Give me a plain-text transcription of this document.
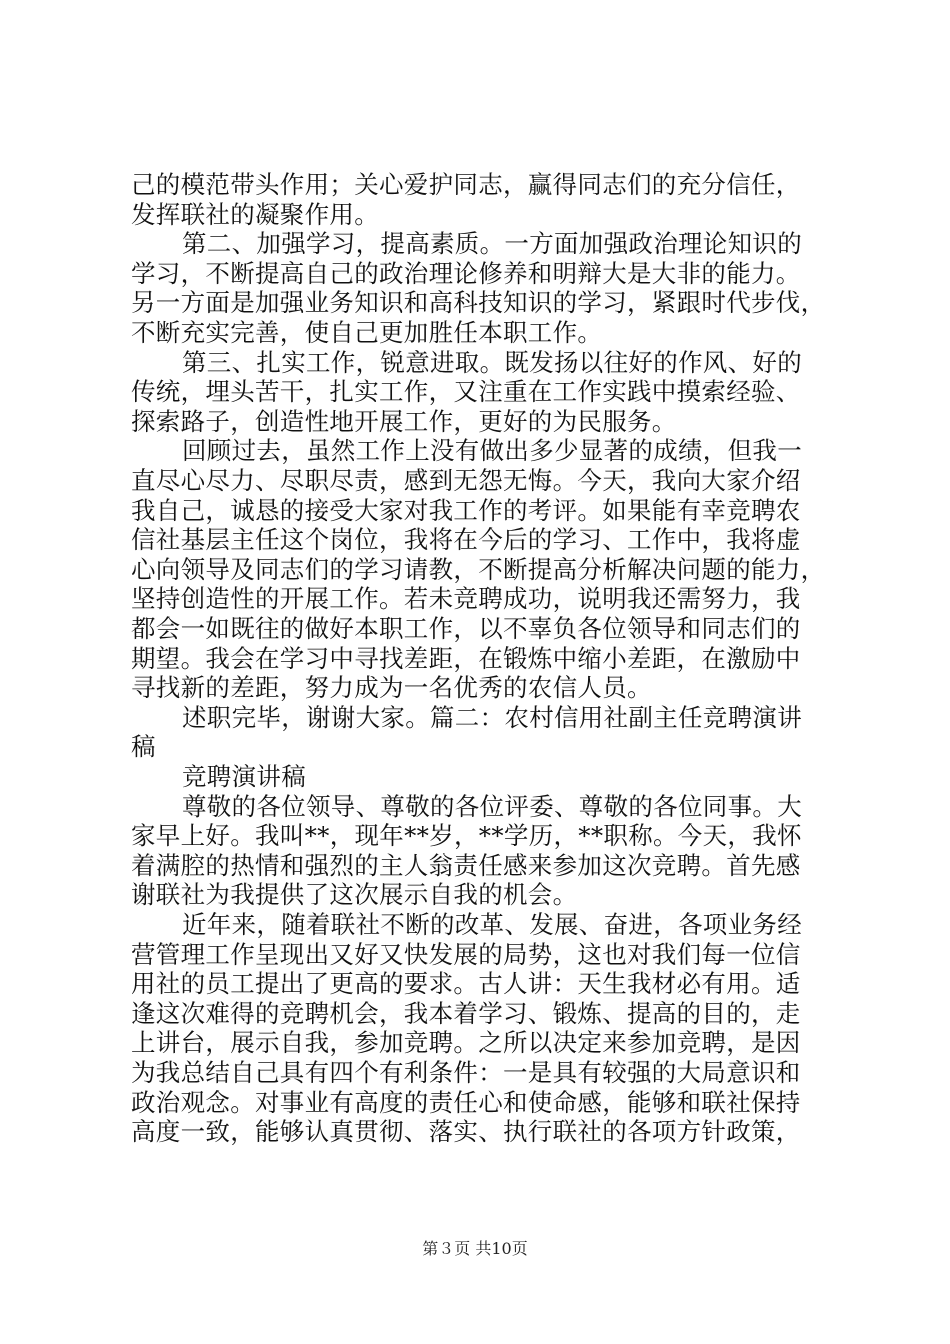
己的模范带头作用；关心爱护同志，赢得同志们的充分信任，
发挥联社的凝聚作用。
第二、加强学习，提高素质。一方面加强政治理论知识的
学习，不断提高自己的政治理论修养和明辩大是大非的能力。
另一方面是加强业务知识和高科技知识的学习，紧跟时代步伐，
不断充实完善，使自己更加胜任本职工作。
第三、扎实工作，锐意进取。既发扬以往好的作风、好的
传统，埋头苦干，扎实工作，又注重在工作实践中摸索经验、
探索路子，创造性地开展工作，更好的为民服务。
回顾过去，虽然工作上没有做出多少显著的成绩，但我一
直尽心尽力、尽职尽责，感到无怨无悔。今天，我向大家介绍
我自己，诚恳的接受大家对我工作的考评。如果能有幸竞聘农
信社基层主任这个岗位，我将在今后的学习、工作中，我将虚
心向领导及同志们的学习请教，不断提高分析解决问题的能力，
坚持创造性的开展工作。若未竞聘成功，说明我还需努力，我
都会一如既往的做好本职工作，以不辜负各位领导和同志们的
期望。我会在学习中寻找差距，在锻炼中缩小差距，在激励中
寻找新的差距，努力成为一名优秀的农信人员。
述职完毕，谢谢大家。篇二：农村信用社副主任竞聘演讲
稿
竞聘演讲稿
尊敬的各位领导、尊敬的各位评委、尊敬的各位同事。大
家早上好。我叫**，现年**岁，**学历，**职称。今天，我怀
着满腔的热情和强烈的主人翁责任感来参加这次竞聘。首先感
谢联社为我提供了这次展示自我的机会。
近年来，随着联社不断的改革、发展、奋进，各项业务经
营管理工作呈现出又好又快发展的局势，这也对我们每一位信
用社的员工提出了更高的要求。古人讲：天生我材必有用。适
逢这次难得的竞聘机会，我本着学习、锻炼、提高的目的，走
上讲台，展示自我，参加竞聘。之所以决定来参加竞聘，是因
为我总结自己具有四个有利条件：一是具有较强的大局意识和
政治观念。对事业有高度的责任心和使命感，能够和联社保持
高度一致，能够认真贯彻、落实、执行联社的各项方针政策，
第３页 共10页
